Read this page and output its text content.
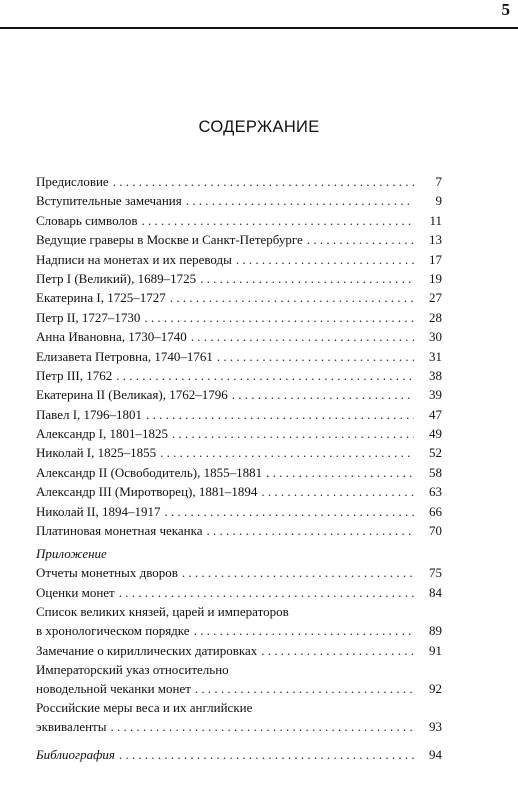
5
СОДЕРЖАНИЕ
Предисловие . . .	7
Вступительные замечания . . .	9
Словарь символов . . .	11
Ведущие граверы в Москве и Санкт-Петербурге . . .	13
Надписи на монетах и их переводы . . .	17
Петр I (Великий), 1689–1725 . . .	19
Екатерина I, 1725–1727 . . .	27
Петр II, 1727–1730 . . .	28
Анна Ивановна, 1730–1740 . . .	30
Елизавета Петровна, 1740–1761 . . .	31
Петр III, 1762 . . .	38
Екатерина II (Великая), 1762–1796 . . .	39
Павел I, 1796–1801 . . .	47
Александр I, 1801–1825 . . .	49
Николай I, 1825–1855 . . .	52
Александр II (Освободитель), 1855–1881 . . .	58
Александр III (Миротворец), 1881–1894 . . .	63
Николай II, 1894–1917 . . .	66
Платиновая монетная чеканка . . .	70
Приложение
Отчеты монетных дворов . . .	75
Оценки монет . . .	84
Список великих князей, царей и императоров
в хронологическом порядке . . .	89
Замечание о кириллических датировках . . .	91
Императорский указ относительно
новодельной чеканки монет . . .	92
Российские меры веса и их английские
эквиваленты . . .	93
Библиография . . .	94
